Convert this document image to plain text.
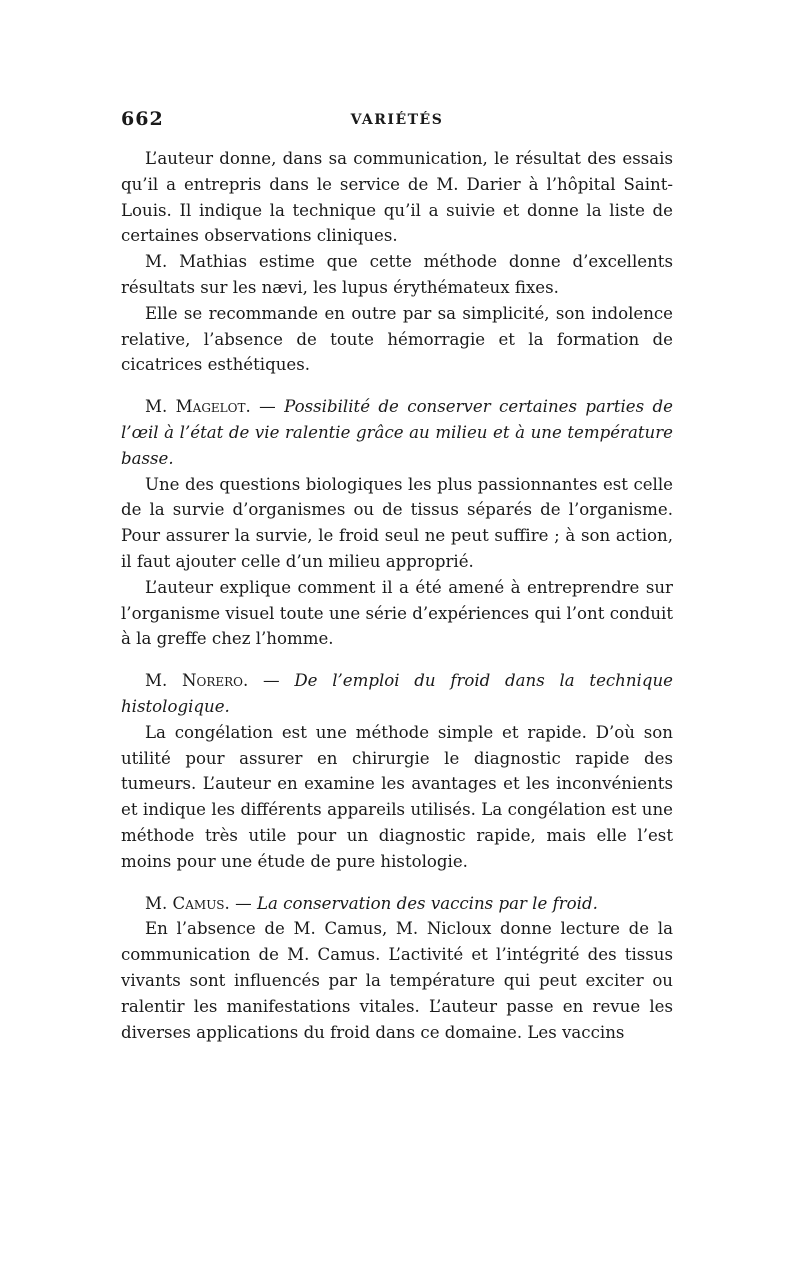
662	VARIÉTÉS

L’auteur donne, dans sa communication, le résultat des essais qu’il a entrepris dans le service de M. Darier à l’hôpital Saint-Louis. Il indique la technique qu’il a suivie et donne la liste de certaines observations cliniques.

M. Mathias estime que cette méthode donne d’excellents résultats sur les nævi, les lupus érythémateux fixes.

Elle se recommande en outre par sa simplicité, son indolence relative, l’absence de toute hémorragie et la formation de cicatrices esthétiques.

M. Magelot. — Possibilité de conserver certaines parties de l’œil à l’état de vie ralentie grâce au milieu et à une température basse.

Une des questions biologiques les plus passionnantes est celle de la survie d’organismes ou de tissus séparés de l’organisme. Pour assurer la survie, le froid seul ne peut suffire ; à son action, il faut ajouter celle d’un milieu approprié.

L’auteur explique comment il a été amené à entreprendre sur l’organisme visuel toute une série d’expériences qui l’ont conduit à la greffe chez l’homme.

M. Norero. — De l’emploi du froid dans la technique histologique.

La congélation est une méthode simple et rapide. D’où son utilité pour assurer en chirurgie le diagnostic rapide des tumeurs. L’auteur en examine les avantages et les inconvénients et indique les différents appareils utilisés. La congélation est une méthode très utile pour un diagnostic rapide, mais elle l’est moins pour une étude de pure histologie.

M. Camus. — La conservation des vaccins par le froid.

En l’absence de M. Camus, M. Nicloux donne lecture de la communication de M. Camus. L’activité et l’intégrité des tissus vivants sont influencés par la température qui peut exciter ou ralentir les manifestations vitales. L’auteur passe en revue les diverses applications du froid dans ce domaine. Les vaccins
